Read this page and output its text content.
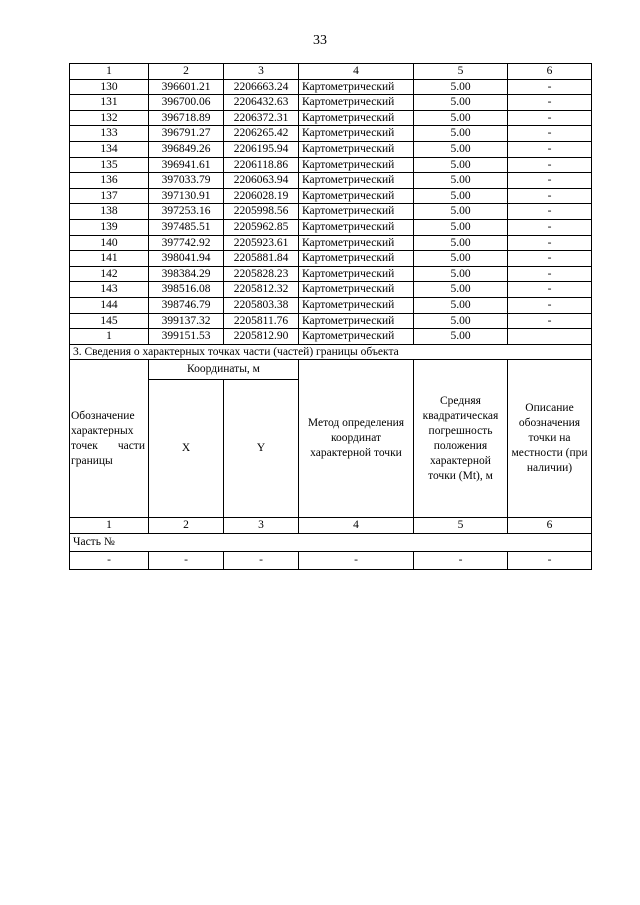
33
1	2	3	4	5	6
130	396601.21	2206663.24	Картометрический	5.00	-
131	396700.06	2206432.63	Картометрический	5.00	-
132	396718.89	2206372.31	Картометрический	5.00	-
133	396791.27	2206265.42	Картометрический	5.00	-
134	396849.26	2206195.94	Картометрический	5.00	-
135	396941.61	2206118.86	Картометрический	5.00	-
136	397033.79	2206063.94	Картометрический	5.00	-
137	397130.91	2206028.19	Картометрический	5.00	-
138	397253.16	2205998.56	Картометрический	5.00	-
139	397485.51	2205962.85	Картометрический	5.00	-
140	397742.92	2205923.61	Картометрический	5.00	-
141	398041.94	2205881.84	Картометрический	5.00	-
142	398384.29	2205828.23	Картометрический	5.00	-
143	398516.08	2205812.32	Картометрический	5.00	-
144	398746.79	2205803.38	Картометрический	5.00	-
145	399137.32	2205811.76	Картометрический	5.00	-
1	399151.53	2205812.90	Картометрический	5.00	
3. Сведения о характерных точках части (частей) границы объекта					
Обозначение характерных точек части границы	Координаты, м		Метод определения координат характерной точки	Средняя квадратическая погрешность положения характерной точки (Mt), м	Описание обозначения точки на местности (при наличии)
	X	Y			
1	2	3	4	5	6
Часть №					
-	-	-	-	-	-
